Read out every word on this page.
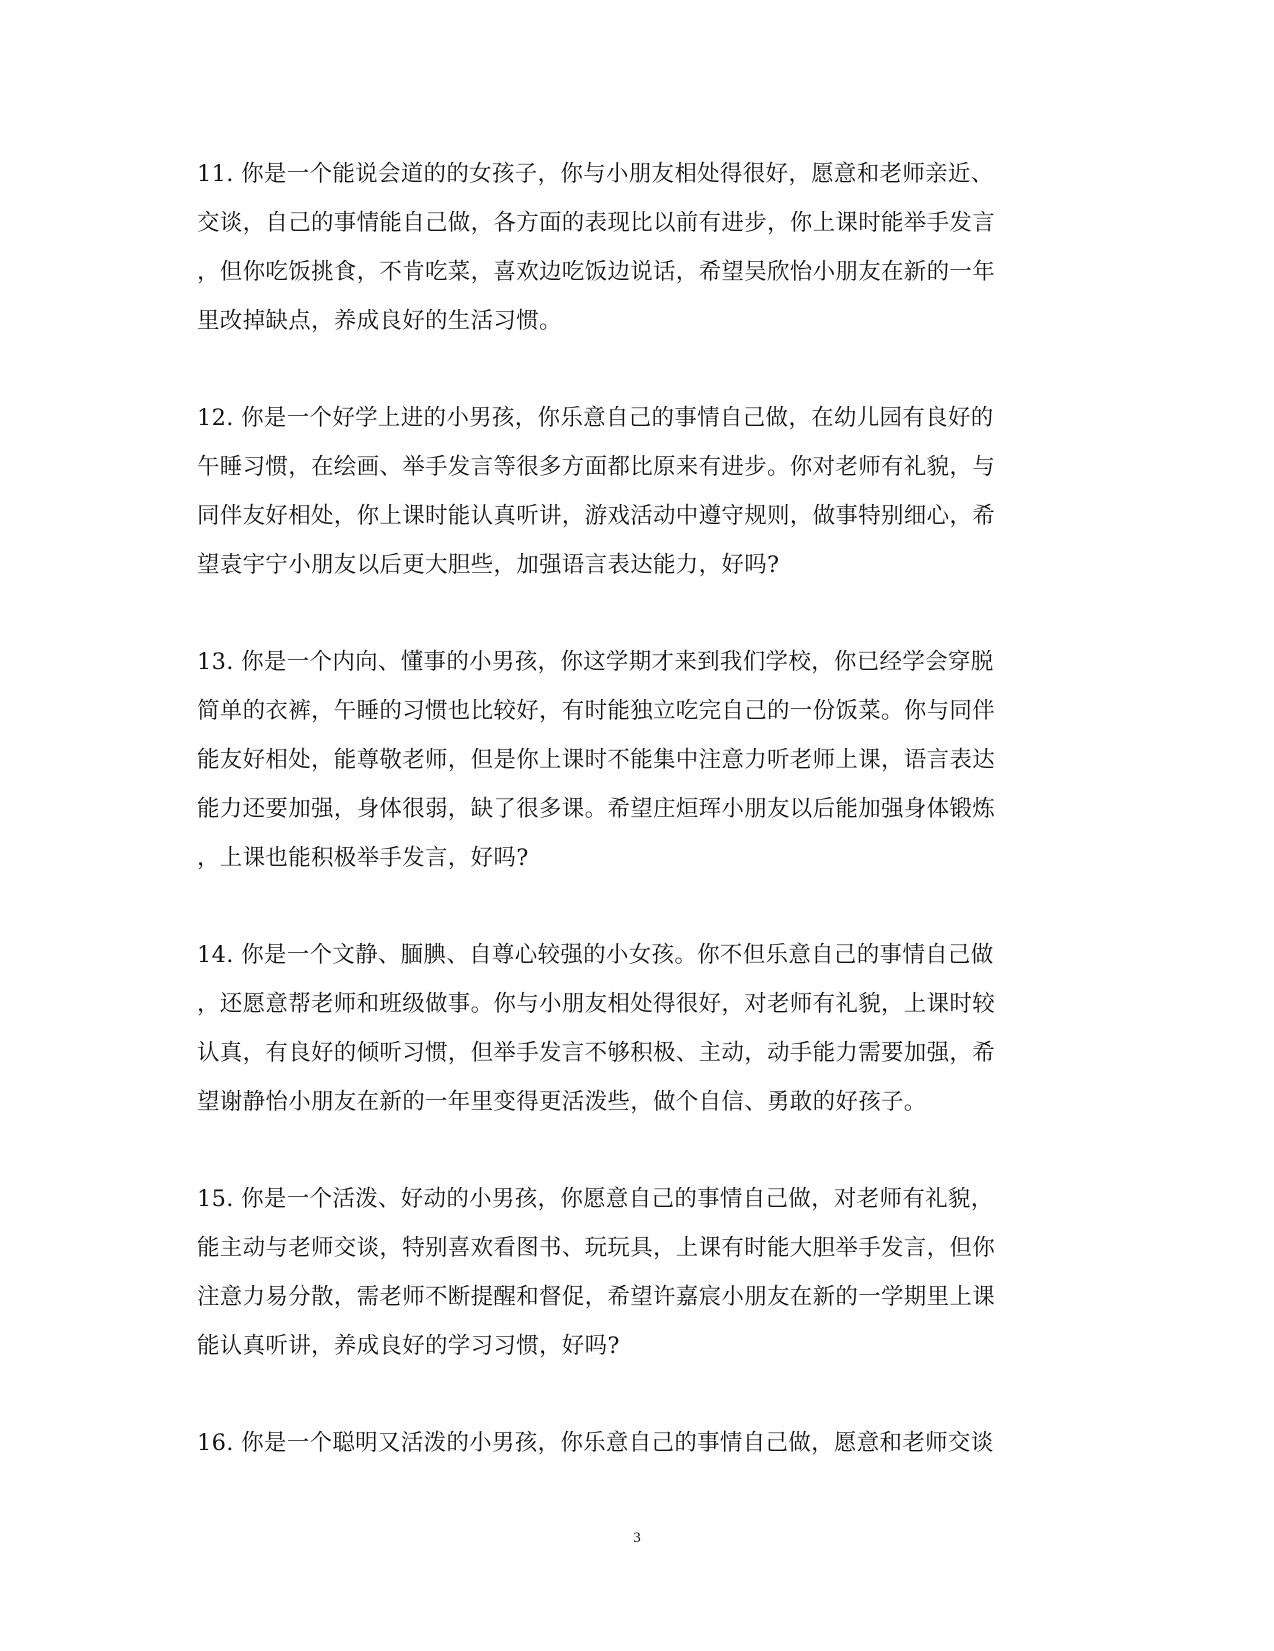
11. 你是一个能说会道的的女孩子，你与小朋友相处得很好，愿意和老师亲近、
交谈，自己的事情能自己做，各方面的表现比以前有进步，你上课时能举手发言
，但你吃饭挑食，不肯吃菜，喜欢边吃饭边说话，希望吴欣怡小朋友在新的一年
里改掉缺点，养成良好的生活习惯。
12. 你是一个好学上进的小男孩，你乐意自己的事情自己做，在幼儿园有良好的
午睡习惯，在绘画、举手发言等很多方面都比原来有进步。你对老师有礼貌，与
同伴友好相处，你上课时能认真听讲，游戏活动中遵守规则，做事特别细心，希
望袁宇宁小朋友以后更大胆些，加强语言表达能力，好吗?
13. 你是一个内向、懂事的小男孩，你这学期才来到我们学校，你已经学会穿脱
简单的衣裤，午睡的习惯也比较好，有时能独立吃完自己的一份饭菜。你与同伴
能友好相处，能尊敬老师，但是你上课时不能集中注意力听老师上课，语言表达
能力还要加强，身体很弱，缺了很多课。希望庄烜珲小朋友以后能加强身体锻炼
，上课也能积极举手发言，好吗?
14. 你是一个文静、腼腆、自尊心较强的小女孩。你不但乐意自己的事情自己做
，还愿意帮老师和班级做事。你与小朋友相处得很好，对老师有礼貌，上课时较
认真，有良好的倾听习惯，但举手发言不够积极、主动，动手能力需要加强，希
望谢静怡小朋友在新的一年里变得更活泼些，做个自信、勇敢的好孩子。
15. 你是一个活泼、好动的小男孩，你愿意自己的事情自己做，对老师有礼貌，
能主动与老师交谈，特别喜欢看图书、玩玩具，上课有时能大胆举手发言，但你
注意力易分散，需老师不断提醒和督促，希望许嘉宸小朋友在新的一学期里上课
能认真听讲，养成良好的学习习惯，好吗?
16. 你是一个聪明又活泼的小男孩，你乐意自己的事情自己做，愿意和老师交谈
3
